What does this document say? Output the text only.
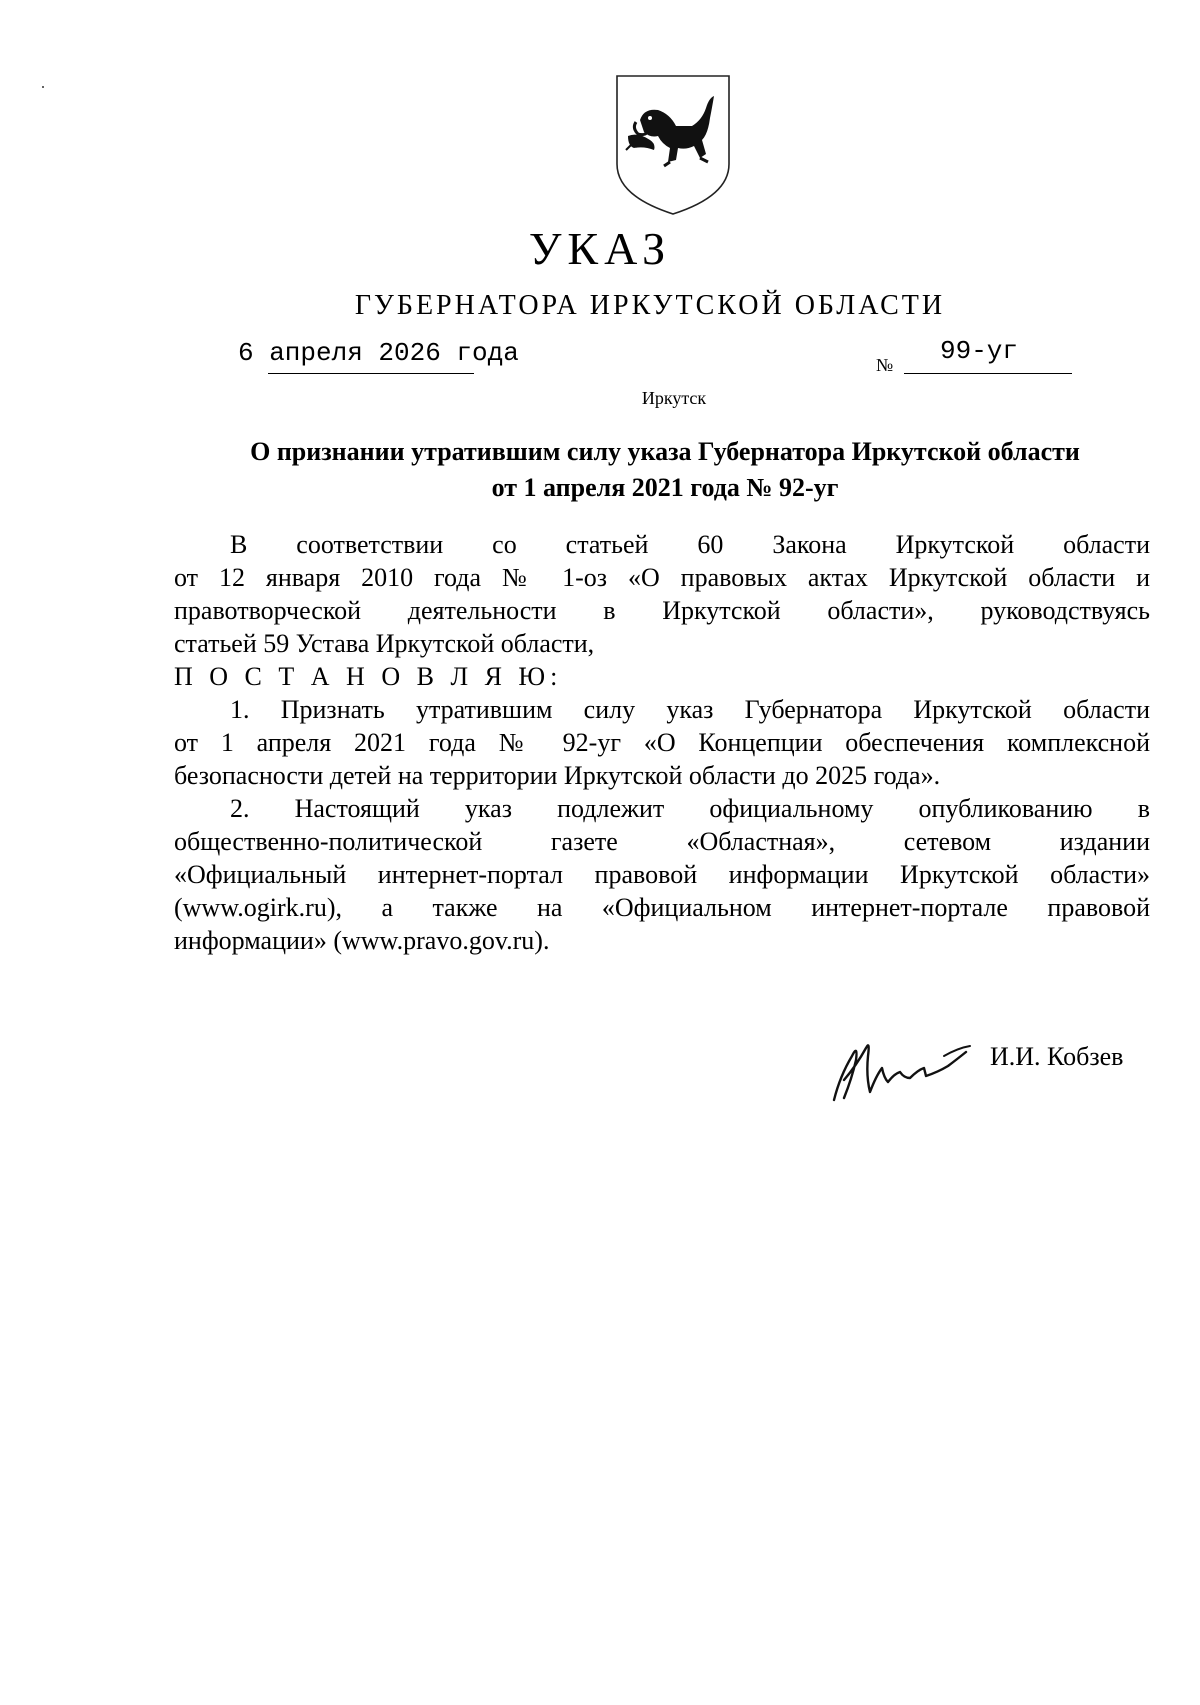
УКАЗ
ГУБЕРНАТОРА ИРКУТСКОЙ ОБЛАСТИ
6 апреля 2026 года	№ 99-уг
Иркутск
О признании утратившим силу указа Губернатора Иркутской области
от 1 апреля 2021 года № 92-уг

В соответствии со статьей 60 Закона Иркутской области

от 12 января 2010 года № 1-оз «О правовых актах Иркутской области и

правотворческой деятельности в Иркутской области», руководствуясь

статьей 59 Устава Иркутской области,

П О С Т А Н О В Л Я Ю:

1. Признать утратившим силу указ Губернатора Иркутской области

от 1 апреля 2021 года № 92-уг «О Концепции обеспечения комплексной

безопасности детей на территории Иркутской области до 2025 года».

2. Настоящий указ подлежит официальному опубликованию в

общественно-политической газете «Областная», сетевом издании

«Официальный интернет-портал правовой информации Иркутской области»

(www.ogirk.ru), а также на «Официальном интернет-портале правовой

информации» (www.pravo.gov.ru).

И.И. Кобзев
